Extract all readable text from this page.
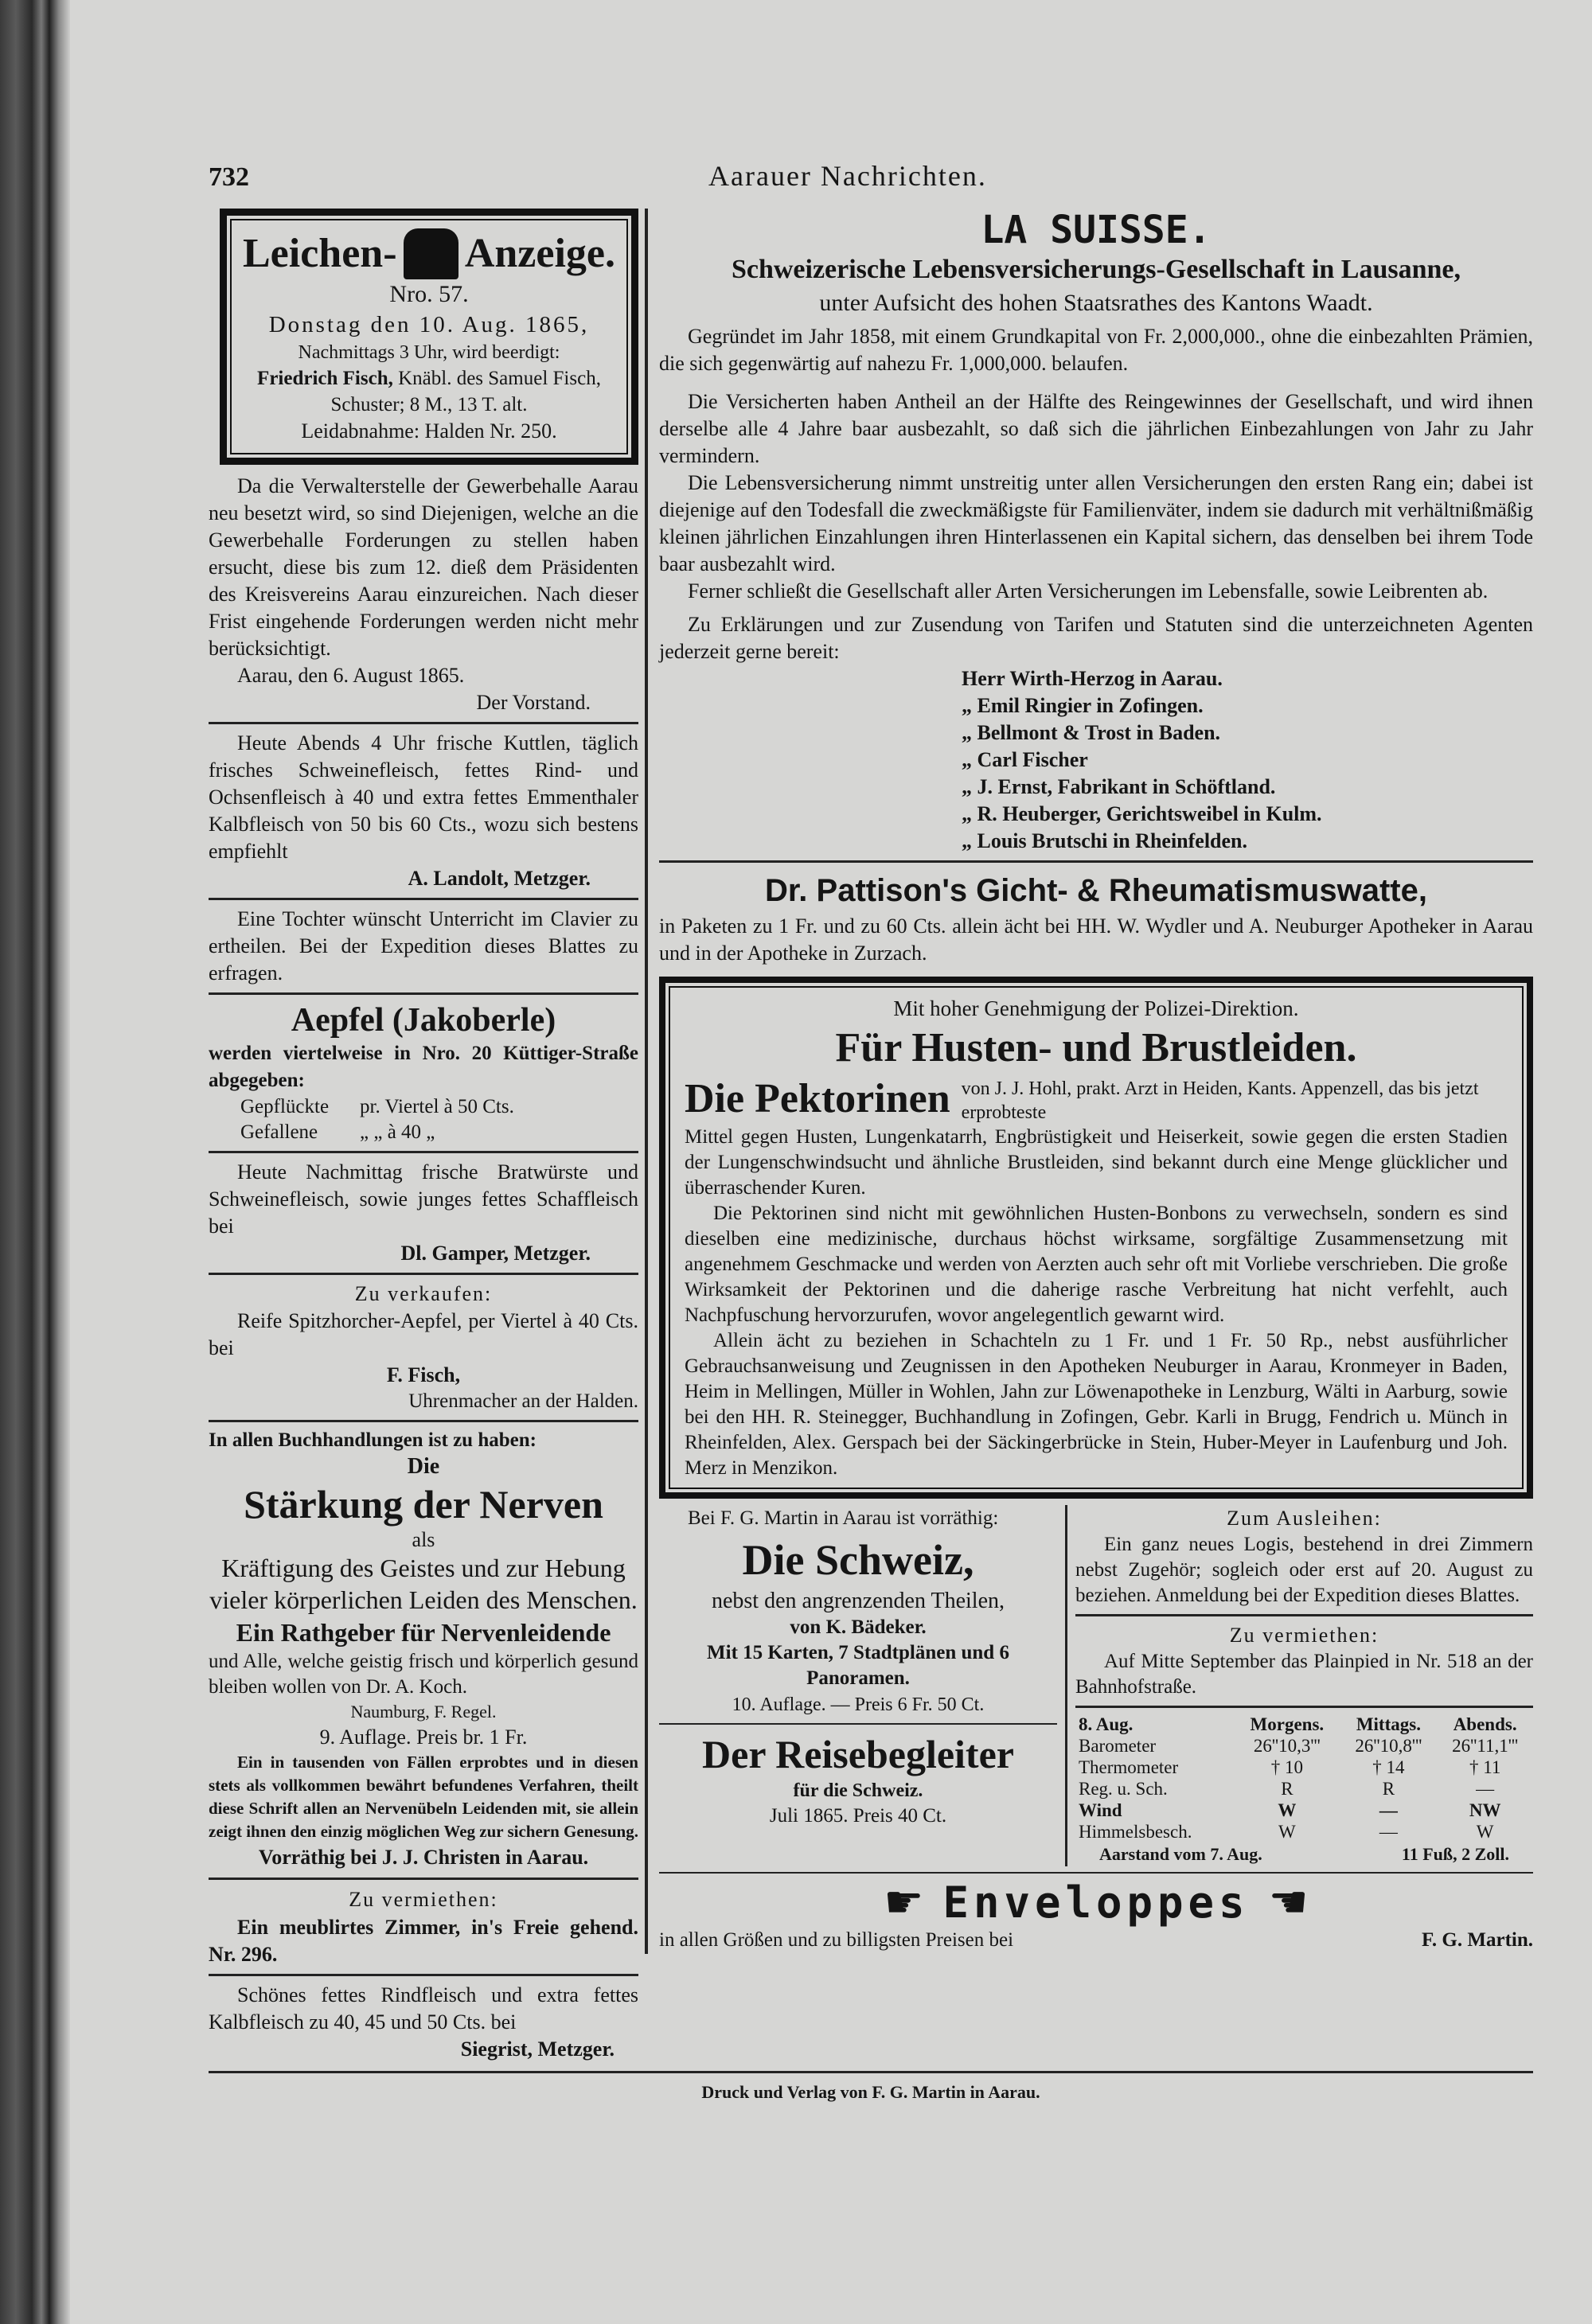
732	Aarauer Nachrichten.
Leichen- Anzeige.
Nro. 57.
Donstag den 10. Aug. 1865,
Nachmittags 3 Uhr, wird beerdigt:
Friedrich Fisch, Knäbl. des Samuel Fisch, Schuster; 8 M., 13 T. alt.
Leidabnahme: Halden Nr. 250.
Da die Verwalterstelle der Gewerbehalle Aarau neu besetzt wird, so sind Diejenigen, welche an die Gewerbehalle Forderungen zu stellen haben ersucht, diese bis zum 12. dieß dem Präsidenten des Kreisvereins Aarau einzureichen. Nach dieser Frist eingehende Forderungen werden nicht mehr berücksichtigt.
Aarau, den 6. August 1865.
Der Vorstand.
Heute Abends 4 Uhr frische Kuttlen, täglich frisches Schweinefleisch, fettes Rind- und Ochsenfleisch à 40 und extra fettes Emmenthaler Kalbfleisch von 50 bis 60 Cts., wozu sich bestens empfiehlt
A. Landolt, Metzger.
Eine Tochter wünscht Unterricht im Clavier zu ertheilen. Bei der Expedition dieses Blattes zu erfragen.
Aepfel (Jakoberle)
werden viertelweise in Nro. 20 Küttiger-Straße abgegeben:
Gepflückte	pr. Viertel à 50 Cts.
Gefallene	„ „ à 40 „
Heute Nachmittag frische Bratwürste und Schweinefleisch, sowie junges fettes Schaffleisch bei
Dl. Gamper, Metzger.
Zu verkaufen:
Reife Spitzhorcher-Aepfel, per Viertel à 40 Cts. bei
F. Fisch,
Uhrenmacher an der Halden.
In allen Buchhandlungen ist zu haben:
Die
Stärkung der Nerven
als
Kräftigung des Geistes und zur Hebung vieler körperlichen Leiden des Menschen.
Ein Rathgeber für Nervenleidende
und Alle, welche geistig frisch und körperlich gesund bleiben wollen von Dr. A. Koch.
Naumburg, F. Regel.
9. Auflage. Preis br. 1 Fr.
Ein in tausenden von Fällen erprobtes und in diesen stets als vollkommen bewährt befundenes Verfahren, theilt diese Schrift allen an Nervenübeln Leidenden mit, sie allein zeigt ihnen den einzig möglichen Weg zur sichern Genesung.
Vorräthig bei J. J. Christen in Aarau.
Zu vermiethen:
Ein meublirtes Zimmer, in's Freie gehend. Nr. 296.
Schönes fettes Rindfleisch und extra fettes Kalbfleisch zu 40, 45 und 50 Cts. bei
Siegrist, Metzger.
LA SUISSE.
Schweizerische Lebensversicherungs-Gesellschaft in Lausanne,
unter Aufsicht des hohen Staatsrathes des Kantons Waadt.
Gegründet im Jahr 1858, mit einem Grundkapital von Fr. 2,000,000., ohne die einbezahlten Prämien, die sich gegenwärtig auf nahezu Fr. 1,000,000. belaufen.
Die Versicherten haben Antheil an der Hälfte des Reingewinnes der Gesellschaft, und wird ihnen derselbe alle 4 Jahre baar ausbezahlt, so daß sich die jährlichen Einbezahlungen von Jahr zu Jahr vermindern.
Die Lebensversicherung nimmt unstreitig unter allen Versicherungen den ersten Rang ein; dabei ist diejenige auf den Todesfall die zweckmäßigste für Familienväter, indem sie dadurch mit verhältnißmäßig kleinen jährlichen Einzahlungen ihren Hinterlassenen ein Kapital sichern, das denselben bei ihrem Tode baar ausbezahlt wird.
Ferner schließt die Gesellschaft aller Arten Versicherungen im Lebensfalle, sowie Leibrenten ab.
Zu Erklärungen und zur Zusendung von Tarifen und Statuten sind die unterzeichneten Agenten jederzeit gerne bereit:
Herr Wirth-Herzog in Aarau.
„ Emil Ringier in Zofingen.
„ Bellmont & Trost in Baden.
„ Carl Fischer
„ J. Ernst, Fabrikant in Schöftland.
„ R. Heuberger, Gerichtsweibel in Kulm.
„ Louis Brutschi in Rheinfelden.
Dr. Pattison's Gicht- & Rheumatismuswatte,
in Paketen zu 1 Fr. und zu 60 Cts. allein ächt bei HH. W. Wydler und A. Neuburger Apotheker in Aarau und in der Apotheke in Zurzach.
Mit hoher Genehmigung der Polizei-Direktion.
Für Husten- und Brustleiden.
Die Pektorinen von J. J. Hohl, prakt. Arzt in Heiden, Kants. Appenzell, das bis jetzt erprobteste
Mittel gegen Husten, Lungenkatarrh, Engbrüstigkeit und Heiserkeit, sowie gegen die ersten Stadien der Lungenschwindsucht und ähnliche Brustleiden, sind bekannt durch eine Menge glücklicher und überraschender Kuren.
Die Pektorinen sind nicht mit gewöhnlichen Husten-Bonbons zu verwechseln, sondern es sind dieselben eine medizinische, durchaus höchst wirksame, sorgfältige Zusammensetzung mit angenehmem Geschmacke und werden von Aerzten auch sehr oft mit Vorliebe verschrieben. Die große Wirksamkeit der Pektorinen und die daherige rasche Verbreitung hat nicht verfehlt, auch Nachpfuschung hervorzurufen, wovor angelegentlich gewarnt wird.
Allein ächt zu beziehen in Schachteln zu 1 Fr. und 1 Fr. 50 Rp., nebst ausführlicher Gebrauchsanweisung und Zeugnissen in den Apotheken Neuburger in Aarau, Kronmeyer in Baden, Heim in Mellingen, Müller in Wohlen, Jahn zur Löwenapotheke in Lenzburg, Wälti in Aarburg, sowie bei den HH. R. Steinegger, Buchhandlung in Zofingen, Gebr. Karli in Brugg, Fendrich u. Münch in Rheinfelden, Alex. Gerspach bei der Säckingerbrücke in Stein, Huber-Meyer in Laufenburg und Joh. Merz in Menzikon.
Bei F. G. Martin in Aarau ist vorräthig:
Die Schweiz,
nebst den angrenzenden Theilen,
von K. Bädeker.
Mit 15 Karten, 7 Stadtplänen und 6 Panoramen.
10. Auflage. — Preis 6 Fr. 50 Ct.
Der Reisebegleiter
für die Schweiz.
Juli 1865. Preis 40 Ct.
Zum Ausleihen:
Ein ganz neues Logis, bestehend in drei Zimmern nebst Zugehör; sogleich oder erst auf 20. August zu beziehen. Anmeldung bei der Expedition dieses Blattes.
Zu vermiethen:
Auf Mitte September das Plainpied in Nr. 518 an der Bahnhofstraße.
8. Aug.	Morgens.	Mittags.	Abends.
Barometer	26''10,3'''	26''10,8'''	26''11,1'''
Thermometer	† 10	† 14	† 11
Reg. u. Sch.	R	R	—
Wind	W	—	NW
Himmelsbesch.	W	—	W
Aarstand vom 7. Aug.	11 Fuß, 2 Zoll.
☛ Enveloppes ☚
in allen Größen und zu billigsten Preisen bei	F. G. Martin.
Druck und Verlag von F. G. Martin in Aarau.
